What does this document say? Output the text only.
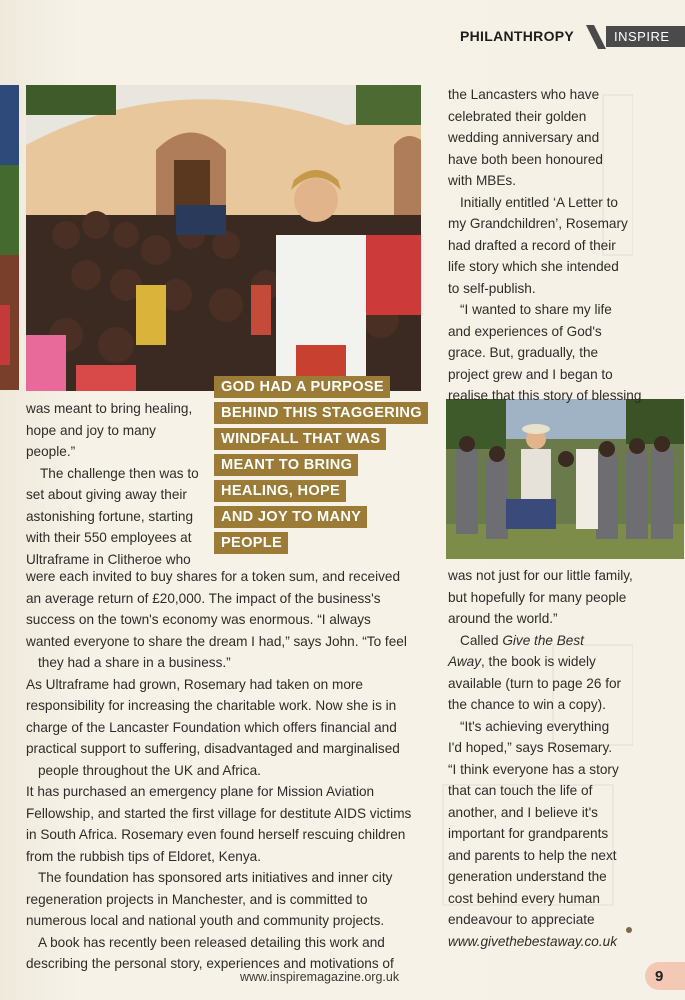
PHILANTHROPY	INSPIRE
GOD HAD A PURPOSE
BEHIND THIS STAGGERING
WINDFALL THAT WAS
MEANT TO BRING
HEALING, HOPE
AND JOY TO MANY
PEOPLE

was meant to bring healing,
hope and joy to many
people.”

The challenge then was to
set about giving away their
astonishing fortune, starting
with their 550 employees at
Ultraframe in Clitheroe who

were each invited to buy shares for a token sum, and received
an average return of £20,000. The impact of the business's
success on the town's economy was enormous. “I always
wanted everyone to share the dream I had,” says John. “To feel
they had a share in a business.”
As Ultraframe had grown, Rosemary had taken on more
responsibility for increasing the charitable work. Now she is in
charge of the Lancaster Foundation which offers financial and
practical support to suffering, disadvantaged and marginalised
people throughout the UK and Africa.
It has purchased an emergency plane for Mission Aviation
Fellowship, and started the first village for destitute AIDS victims
in South Africa. Rosemary even found herself rescuing children
from the rubbish tips of Eldoret, Kenya.
The foundation has sponsored arts initiatives and inner city
regeneration projects in Manchester, and is committed to
numerous local and national youth and community projects.
A book has recently been released detailing this work and
describing the personal story, experiences and motivations of
the Lancasters who have
celebrated their golden
wedding anniversary and
have both been honoured
with MBEs.
Initially entitled ‘A Letter to
my Grandchildren’, Rosemary
had drafted a record of their
life story which she intended
to self-publish.
“I wanted to share my life
and experiences of God's
grace. But, gradually, the
project grew and I began to
realise that this story of blessing
was not just for our little family,
but hopefully for many people
around the world.”
Called Give the Best
Away, the book is widely
available (turn to page 26 for
the chance to win a copy).
“It's achieving everything
I'd hoped,” says Rosemary.
“I think everyone has a story
that can touch the life of
another, and I believe it's
important for grandparents
and parents to help the next
generation understand the
cost behind every human
endeavour to appreciate
www.givethebestaway.co.uk
www.inspiremagazine.org.uk	9
